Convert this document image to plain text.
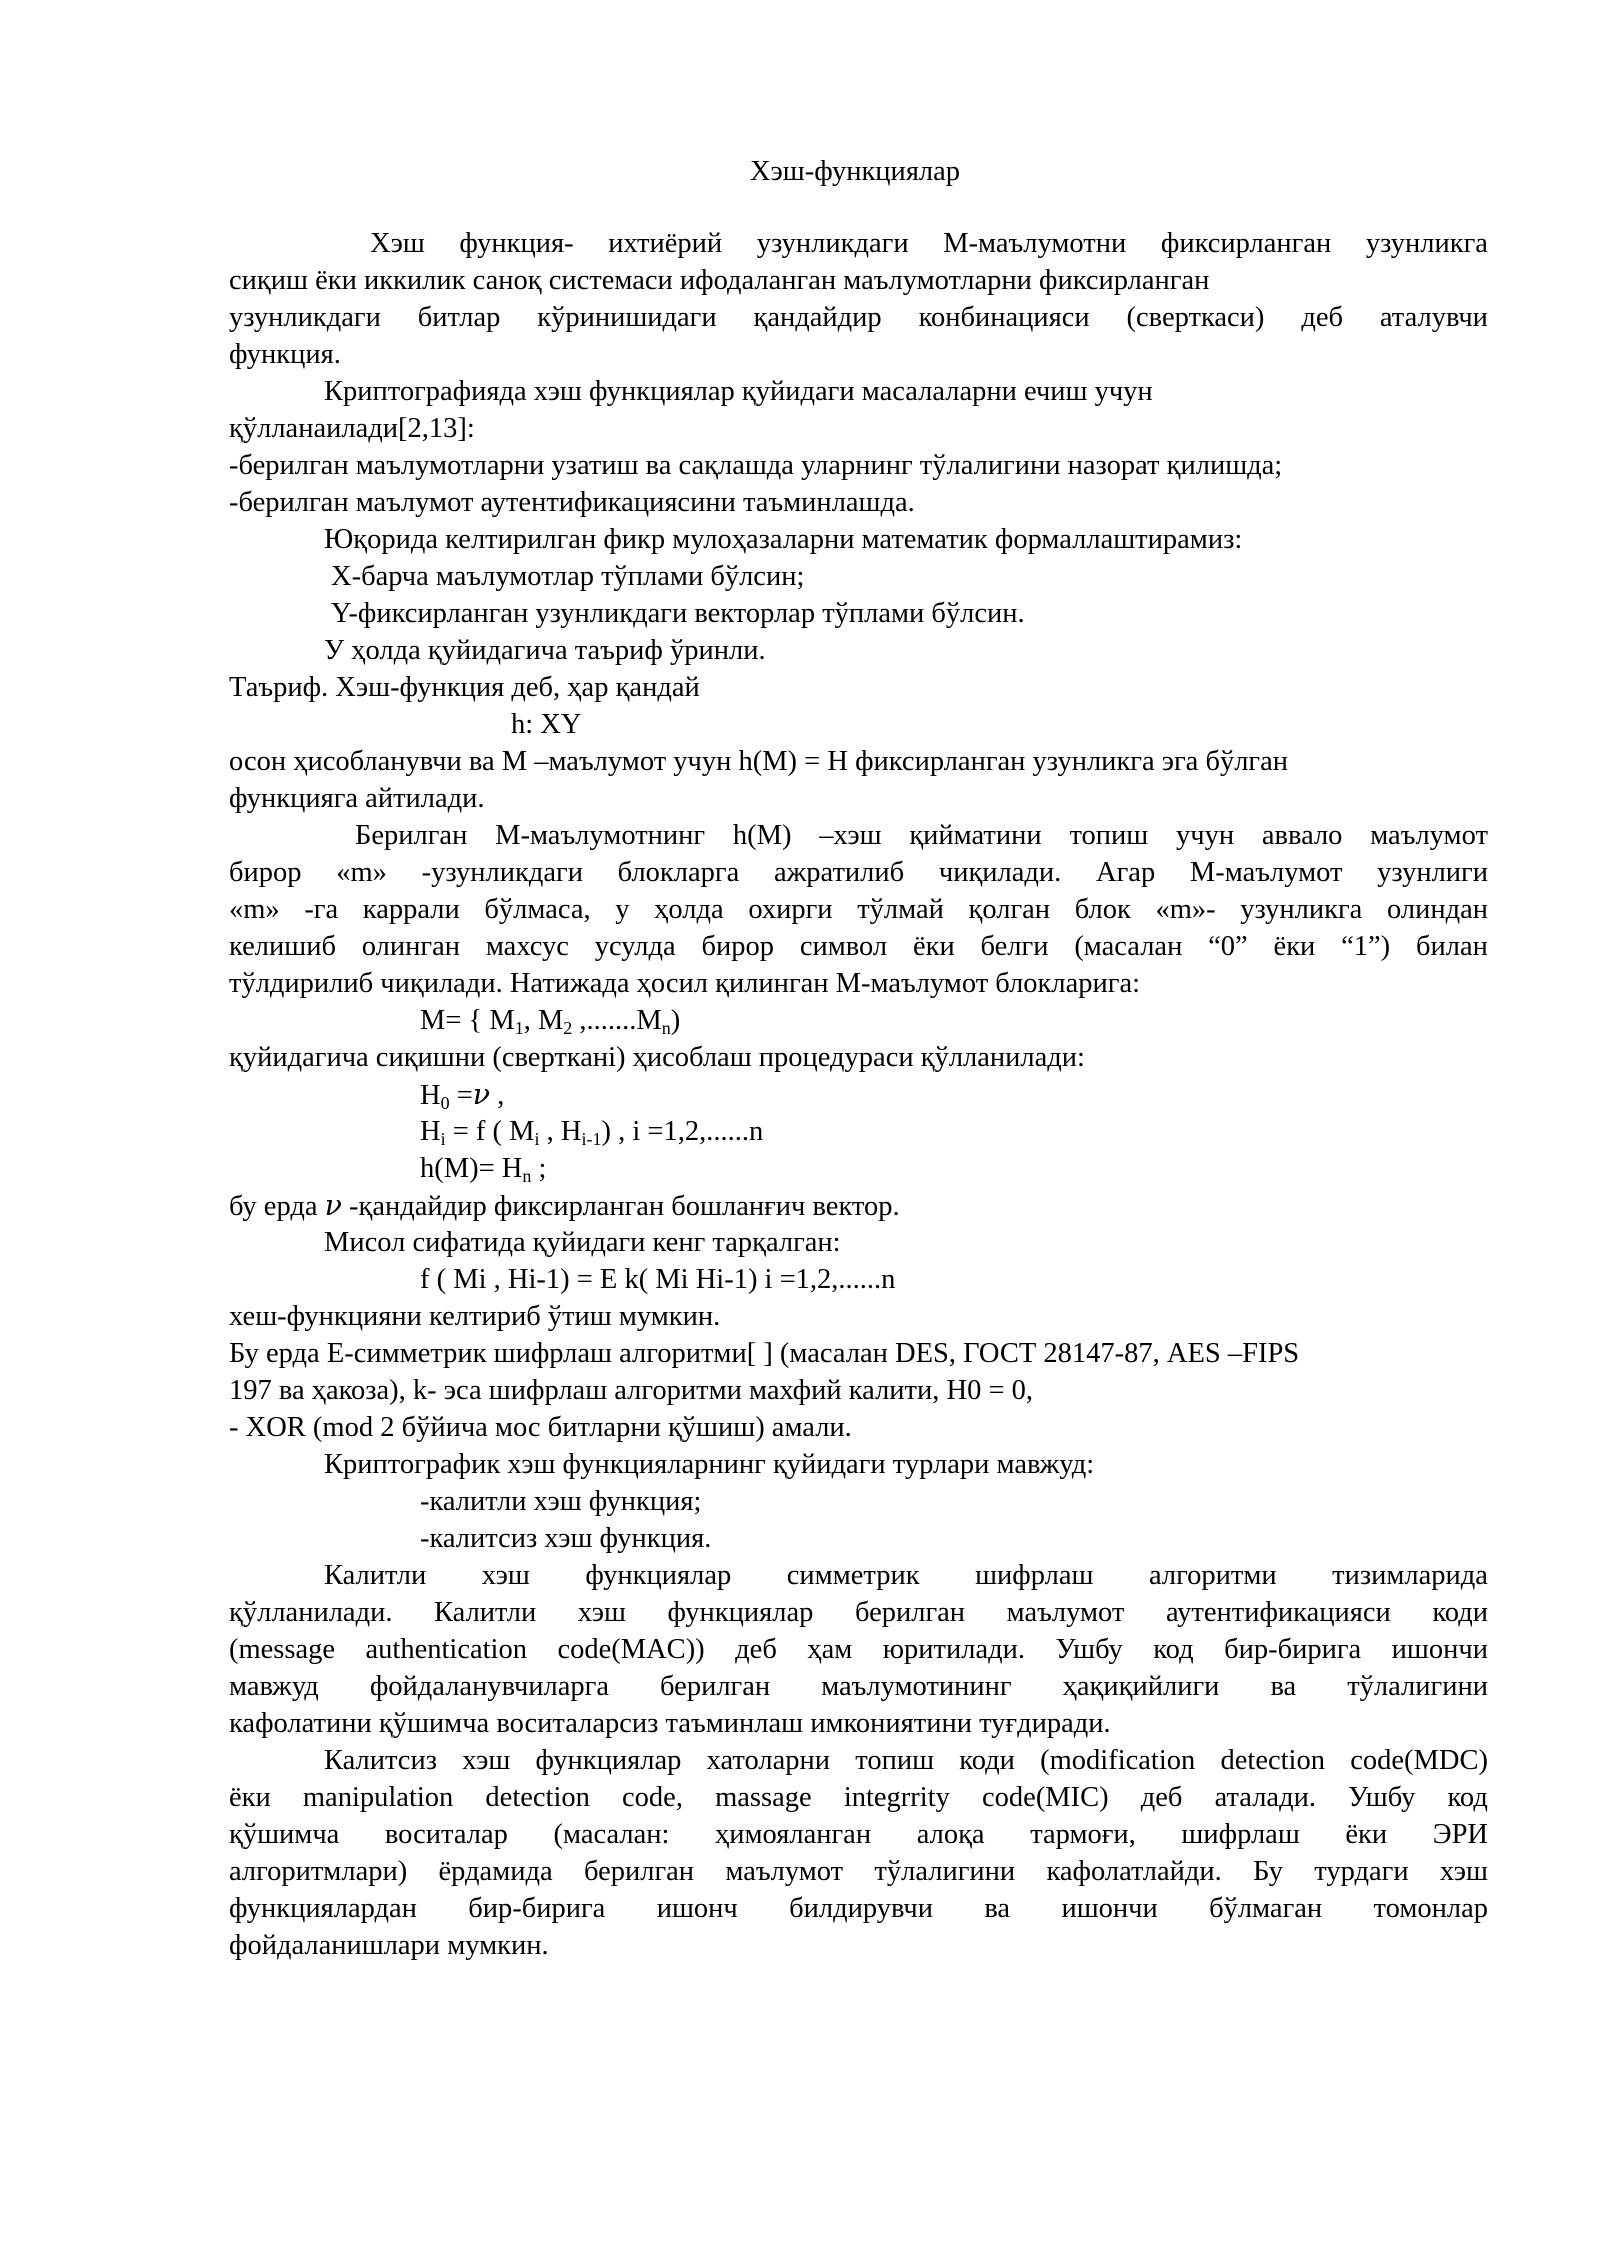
Хэш-функциялар
Хэш функция- ихтиёрий узунликдаги М-маълумотни фиксирланган узунликга
сиқиш ёки иккилик саноқ системаси ифодаланган маълумотларни фиксирланган
узунликдаги битлар кўринишидаги қандайдир конбинацияси (сверткаси) деб аталувчи
функция.
Криптографияда хэш функциялар қуйидаги масалаларни ечиш учун
қўлланаилади[2,13]:
-берилган маълумотларни узатиш ва сақлашда уларнинг тўлалигини назорат қилишда;
-берилган маълумот аутентификациясини таъминлашда.
Юқорида келтирилган фикр мулоҳазаларни математик формаллаштирамиз:
X-барча маълумотлар тўплами бўлсин;
Y-фиксирланган узунликдаги векторлар тўплами бўлсин.
У ҳолда қуйидагича таъриф ўринли.
Таъриф. Хэш-функция деб, ҳар қандай
h: XY
осон ҳисобланувчи ва М –маълумот учун h(M) = H фиксирланган узунликга эга бўлган
функцияга айтилади.
Берилган М-маълумотнинг h(M) –хэш қийматини топиш учун аввало маълумот
бирор «m» -узунликдаги блокларга ажратилиб чиқилади. Агар М-маълумот узунлиги
«m» -га каррали бўлмаса, у ҳолда охирги тўлмай қолган блок «m»- узунликга олиндан
келишиб олинган махсус усулда бирор символ ёки белги (масалан “0” ёки “1”) билан
тўлдирилиб чиқилади. Натижада ҳосил қилинган М-маълумот блокларига:
M= { $M_1$, $M_2$ $,.......M_n$)
қуйидагича сиқишни (свертканi) ҳисоблаш процедураси қўлланилади:
$H_0 =\nu$ ,
$H_i = f$ ( $M_i$ , $H_{i-1}$) , i =1,2,......n
$h(M)= H_n$ ;
бу ерда ν -қандайдир фиксирланган бошланғич вектор.
Мисол сифатида қуйидаги кенг тарқалган:
f ( Mi , Hi-1) = E k( Mi Hi-1) i =1,2,......n
хеш-функцияни келтириб ўтиш мумкин.
Бу ерда E-симметрик шифрлаш алгоритми[ ] (масалан DES, ГОСТ 28147-87, AES –FIPS
197 ва ҳакоза), k- эса шифрлаш алгоритми махфий калити, H0 = 0,
- XOR (mod 2 бўйича мос битларни қўшиш) амали.
Криптографик хэш функцияларнинг қуйидаги турлари мавжуд:
-калитли хэш функция;
-калитсиз хэш функция.
Калитли хэш функциялар симметрик шифрлаш алгоритми тизимларида
қўлланилади. Калитли хэш функциялар берилган маълумот аутентификацияси коди
(message authentication code(MAC)) деб ҳам юритилади. Ушбу код бир-бирига ишончи
мавжуд фойдаланувчиларга берилган маълумотининг ҳақиқийлиги ва тўлалигини
кафолатини қўшимча воситаларсиз таъминлаш имкониятини туғдиради.
Калитсиз хэш функциялар хатоларни топиш коди (modification detection code(MDC)
ёки manipulation detection code, massage integrrity code(MIC) деб аталади. Ушбу код
қўшимча воситалар (масалан: ҳимояланган алоқа тармоғи, шифрлаш ёки ЭРИ
алгоритмлари) ёрдамида берилган маълумот тўлалигини кафолатлайди. Бу турдаги хэш
функциялардан бир-бирига ишонч билдирувчи ва ишончи бўлмаган томонлар
фойдаланишлари мумкин.
